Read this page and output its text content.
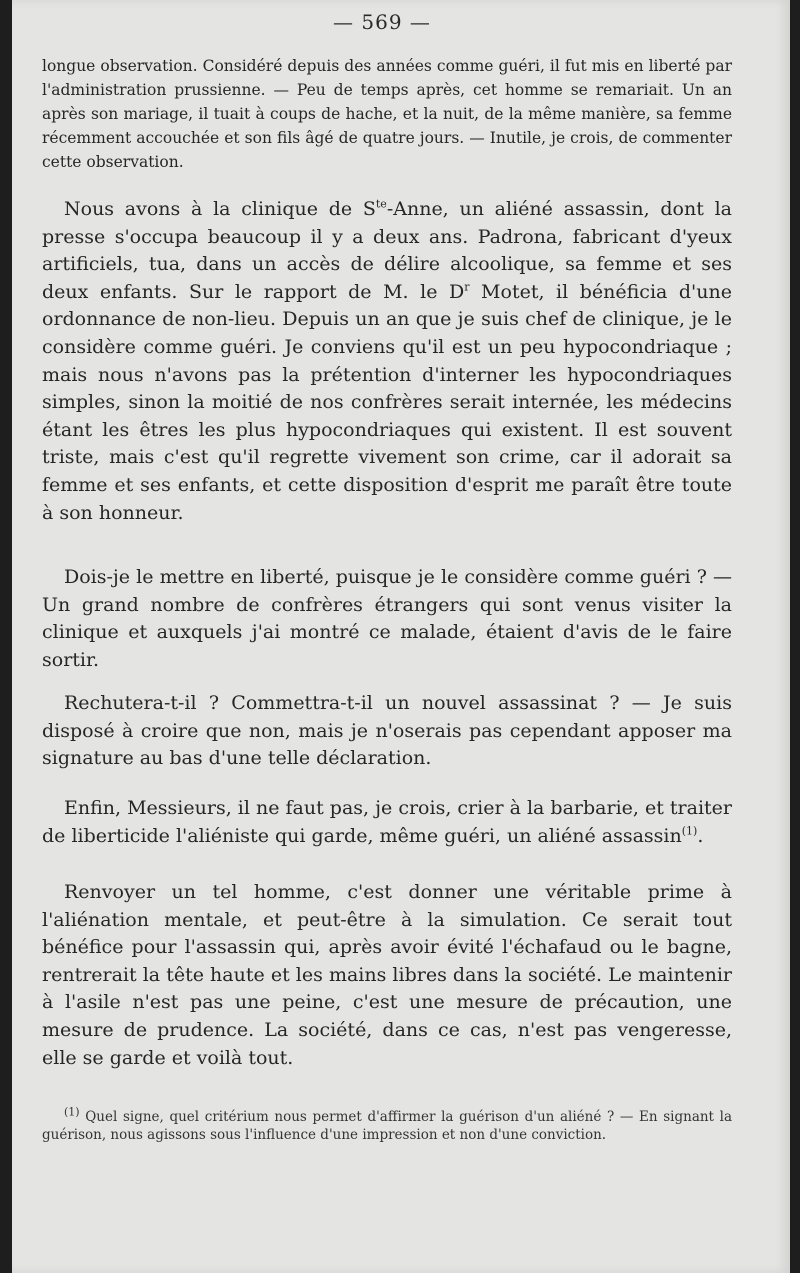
— 569 —

longue observation. Considéré depuis des années comme guéri, il fut mis en liberté par l'administration prussienne. — Peu de temps après, cet homme se remariait. Un an après son mariage, il tuait à coups de hache, et la nuit, de la même manière, sa femme récemment accouchée et son fils âgé de quatre jours. — Inutile, je crois, de commenter cette observation.

Nous avons à la clinique de $S^{te}$-Anne, un aliéné assassin, dont la presse s'occupa beaucoup il y a deux ans. Padrona, fabricant d'yeux artificiels, tua, dans un accès de délire alcoolique, sa femme et ses deux enfants. Sur le rapport de M. le $D^r$ Motet, il bénéficia d'une ordonnance de non-lieu. Depuis un an que je suis chef de clinique, je le considère comme guéri. Je conviens qu'il est un peu hypocondriaque ; mais nous n'avons pas la prétention d'interner les hypocondriaques simples, sinon la moitié de nos confrères serait internée, les médecins étant les êtres les plus hypocondriaques qui existent. Il est souvent triste, mais c'est qu'il regrette vivement son crime, car il adorait sa femme et ses enfants, et cette disposition d'esprit me paraît être toute à son honneur.

Dois-je le mettre en liberté, puisque je le considère comme guéri ? — Un grand nombre de confrères étrangers qui sont venus visiter la clinique et auxquels j'ai montré ce malade, étaient d'avis de le faire sortir.

Rechutera-t-il ? Commettra-t-il un nouvel assassinat ? — Je suis disposé à croire que non, mais je n'oserais pas cependant apposer ma signature au bas d'une telle déclaration.

Enfin, Messieurs, il ne faut pas, je crois, crier à la barbarie, et traiter de liberticide l'aliéniste qui garde, même guéri, un aliéné assassin$^{(1)}$.

Renvoyer un tel homme, c'est donner une véritable prime à l'aliénation mentale, et peut-être à la simulation. Ce serait tout bénéfice pour l'assassin qui, après avoir évité l'échafaud ou le bagne, rentrerait la tête haute et les mains libres dans la société. Le maintenir à l'asile n'est pas une peine, c'est une mesure de précaution, une mesure de prudence. La société, dans ce cas, n'est pas vengeresse, elle se garde et voilà tout.

$^{(1)}$ Quel signe, quel critérium nous permet d'affirmer la guérison d'un aliéné ? — En signant la guérison, nous agissons sous l'influence d'une impression et non d'une conviction.
